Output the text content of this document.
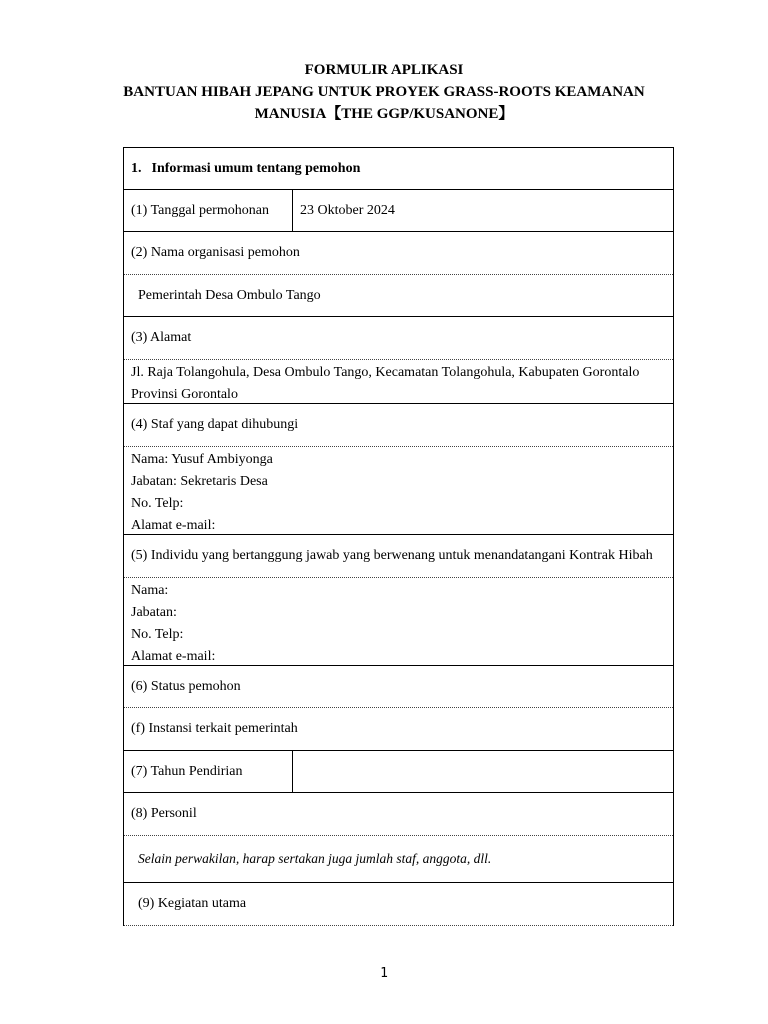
FORMULIR APLIKASI
BANTUAN HIBAH JEPANG UNTUK PROYEK GRASS-ROOTS KEAMANAN
MANUSIA【THE GGP/KUSANONE】
1. Informasi umum tentang pemohon
(1) Tanggal permohonan	23 Oktober 2024
(2) Nama organisasi pemohon
Pemerintah Desa Ombulo Tango
(3) Alamat
Jl. Raja Tolangohula, Desa Ombulo Tango, Kecamatan Tolangohula, Kabupaten Gorontalo Provinsi Gorontalo
(4) Staf yang dapat dihubungi
Nama: Yusuf Ambiyonga
Jabatan: Sekretaris Desa
No. Telp:
Alamat e-mail:
(5) Individu yang bertanggung jawab yang berwenang untuk menandatangani Kontrak Hibah
Nama:
Jabatan:
No. Telp:
Alamat e-mail:
(6) Status pemohon
(f) Instansi terkait pemerintah
(7) Tahun Pendirian
(8) Personil
Selain perwakilan, harap sertakan juga jumlah staf, anggota, dll.
(9) Kegiatan utama
1
